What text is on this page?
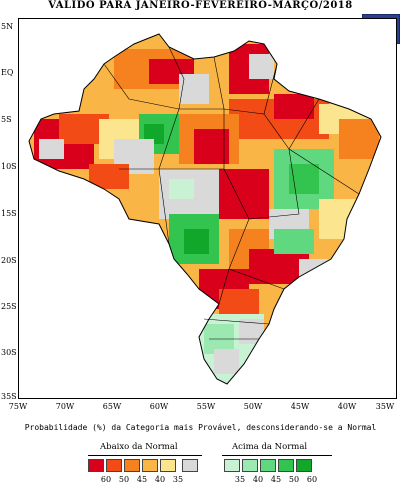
VÁLIDO PARA JANEIRO-FEVEREIRO-MARÇO/2018
5N
EQ
5S
10S
15S
20S
25S
30S
35S
75W	70W	65W	60W	55W	50W	45W	40W	35W
Probabilidade (%) da Categoria mais Provável, desconsiderando-se a Normal
Abaixo da Normal	Acima da Normal
60 50 45 40 35	35 40 45 50 60
